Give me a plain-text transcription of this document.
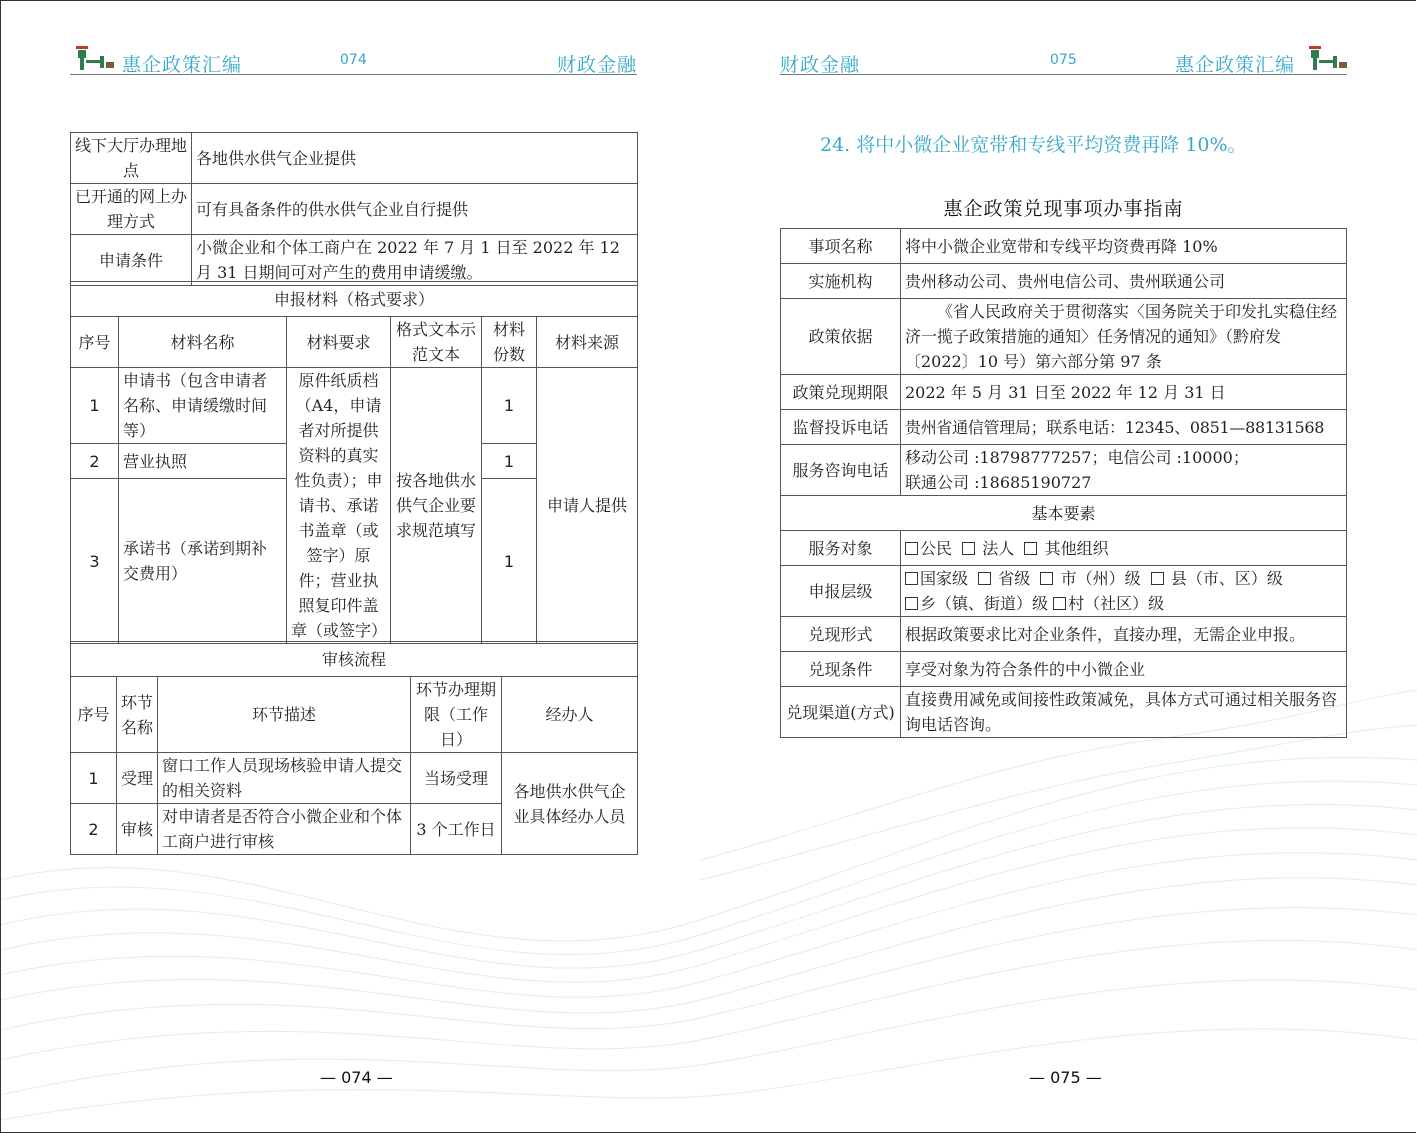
惠企政策汇编	074	财政金融
线下大厅办理地点	各地供水供气企业提供
已开通的网上办理方式	可有具备条件的供水供气企业自行提供
申请条件	小微企业和个体工商户在 2022 年 7 月 1 日至 2022 年 12 月 31 日期间可对产生的费用申请缓缴。
申报材料（格式要求）					
序号	材料名称	材料要求	格式文本示范文本	材料份数	材料来源
1	申请书（包含申请者名称、申请缓缴时间等）	原件纸质档（A4，申请者对所提供资料的真实性负责）；申请书、承诺书盖章（或签字）原件；营业执照复印件盖章（或签字）	按各地供水供气企业要求规范填写	1	申请人提供
2	营业执照			1	
3	承诺书（承诺到期补交费用）			1	
审核流程				
序号	环节名称	环节描述	环节办理期限（工作日）	经办人
1	受理	窗口工作人员现场核验申请人提交的相关资料	当场受理	各地供水供气企业具体经办人员
2	审核	对申请者是否符合小微企业和个体工商户进行审核	3 个工作日	
— 074 —
财政金融	075	惠企政策汇编
24. 将中小微企业宽带和专线平均资费再降 10%。
惠企政策兑现事项办事指南
事项名称	将中小微企业宽带和专线平均资费再降 10%
实施机构	贵州移动公司、贵州电信公司、贵州联通公司
政策依据	《省人民政府关于贯彻落实〈国务院关于印发扎实稳住经济一揽子政策措施的通知〉任务情况的通知》（黔府发〔2022〕10 号）第六部分第 97 条
政策兑现期限	2022 年 5 月 31 日至 2022 年 12 月 31 日
监督投诉电话	贵州省通信管理局；联系电话：12345、0851—88131568
服务咨询电话	移动公司 :18798777257；电信公司 :10000；
联通公司 :18685190727

基本要素	
服务对象	公民 法人 其他组织
申报层级	国家级 省级 市（州）级 县（市、区）级
乡（镇、街道）级 村（社区）级

兑现形式	根据政策要求比对企业条件，直接办理，无需企业申报。
兑现条件	享受对象为符合条件的中小微企业
兑现渠道(方式)	直接费用减免或间接性政策减免，具体方式可通过相关服务咨询电话咨询。
— 075 —
